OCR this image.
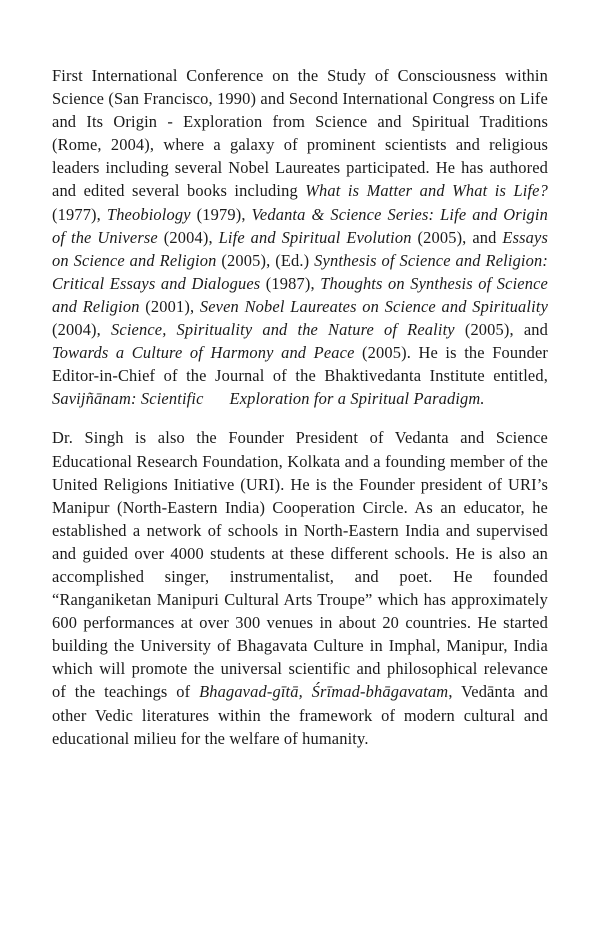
First International Conference on the Study of Consciousness within Science (San Francisco, 1990) and Second International Congress on Life and Its Origin - Exploration from Science and Spiritual Traditions (Rome, 2004), where a galaxy of prominent scientists and religious leaders including several Nobel Laureates participated. He has authored and edited several books including What is Matter and What is Life? (1977), Theobiology (1979), Vedanta & Science Series: Life and Origin of the Universe (2004), Life and Spiritual Evolution (2005), and Essays on Science and Religion (2005), (Ed.) Synthesis of Science and Religion: Critical Essays and Dialogues (1987), Thoughts on Synthesis of Science and Religion (2001), Seven Nobel Laureates on Science and Spirituality (2004), Science, Spirituality and the Nature of Reality (2005), and Towards a Culture of Harmony and Peace (2005). He is the Founder Editor-in-Chief of the Journal of the Bhaktivedanta Institute entitled, Savijñānam: Scientific Exploration for a Spiritual Paradigm.

Dr. Singh is also the Founder President of Vedanta and Science Educational Research Foundation, Kolkata and a founding member of the United Religions Initiative (URI). He is the Founder president of URI’s Manipur (North-Eastern India) Cooperation Circle. As an educator, he established a network of schools in North-Eastern India and supervised and guided over 4000 students at these different schools. He is also an accomplished singer, instrumentalist, and poet. He founded “Ranganiketan Manipuri Cultural Arts Troupe” which has approximately 600 performances at over 300 venues in about 20 countries. He started building the University of Bhagavata Culture in Imphal, Manipur, India which will promote the universal scientific and philosophical relevance of the teachings of Bhagavad-gītā, Śrīmad-bhāgavatam, Vedānta and other Vedic literatures within the framework of modern cultural and educational milieu for the welfare of humanity.
